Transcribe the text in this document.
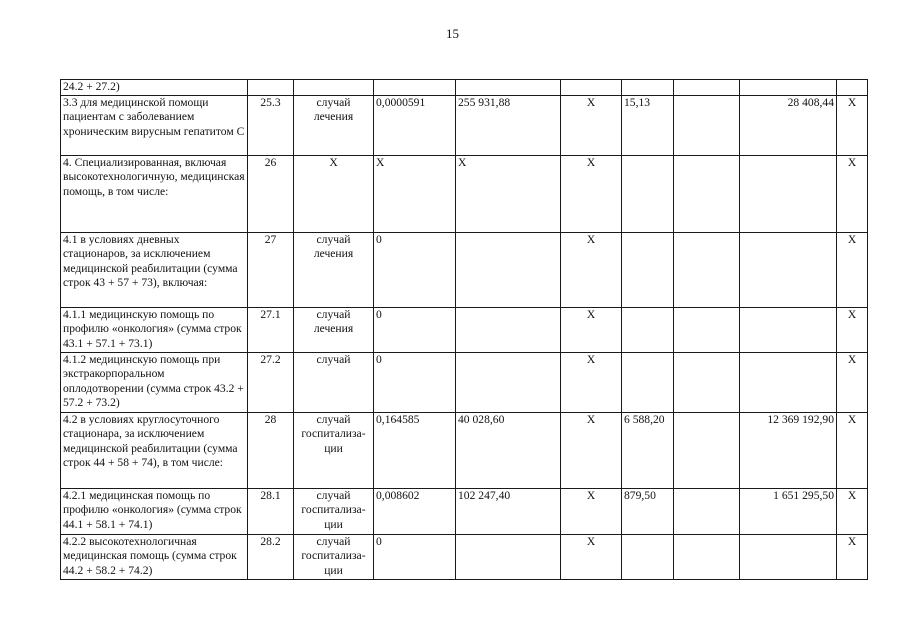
15
24.2 + 27.2)									
3.3 для медицинской помощи пациентам с заболеванием хроническим вирусным гепатитом С	25.3	случай лечения	0,0000591	255 931,88	Х	15,13		28 408,44	Х
4. Специализированная, включая высокотехнологичную, медицинская помощь, в том числе:	26	Х	Х	Х	Х				Х
4.1 в условиях дневных стационаров, за исключением медицинской реабилитации (сумма строк 43 + 57 + 73), включая:	27	случай лечения	0		Х				Х
4.1.1 медицинскую помощь по профилю «онкология» (сумма строк 43.1 + 57.1 + 73.1)	27.1	случай лечения	0		Х				Х
4.1.2 медицинскую помощь при экстракорпоральном оплодотворении (сумма строк 43.2 + 57.2 + 73.2)	27.2	случай	0		Х				Х
4.2 в условиях круглосуточного стационара, за исключением медицинской реабилитации (сумма строк 44 + 58 + 74), в том числе:	28	случай госпитализа-ции	0,164585	40 028,60	Х	6 588,20		12 369 192,90	Х
4.2.1 медицинская помощь по профилю «онкология» (сумма строк 44.1 + 58.1 + 74.1)	28.1	случай госпитализа-ции	0,008602	102 247,40	Х	879,50		1 651 295,50	Х
4.2.2 высокотехнологичная медицинская помощь (сумма строк 44.2 + 58.2 + 74.2)	28.2	случай госпитализа-ции	0		Х				Х
